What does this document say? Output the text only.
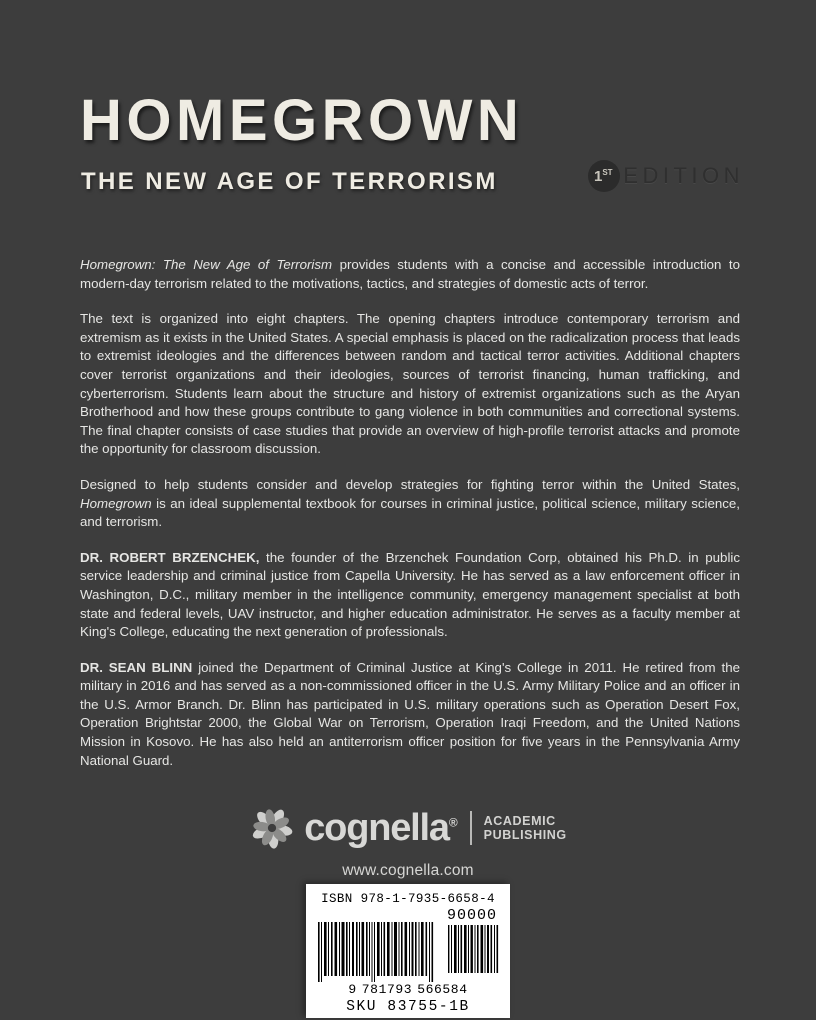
HOMEGROWN
THE NEW AGE OF TERRORISM	1ST EDITION

Homegrown: The New Age of Terrorism provides students with a concise and accessible introduction to modern-day terrorism related to the motivations, tactics, and strategies of domestic acts of terror.

The text is organized into eight chapters. The opening chapters introduce contemporary terrorism and extremism as it exists in the United States. A special emphasis is placed on the radicalization process that leads to extremist ideologies and the differences between random and tactical terror activities. Additional chapters cover terrorist organizations and their ideologies, sources of terrorist financing, human trafficking, and cyberterrorism. Students learn about the structure and history of extremist organizations such as the Aryan Brotherhood and how these groups contribute to gang violence in both communities and correctional systems. The final chapter consists of case studies that provide an overview of high-profile terrorist attacks and promote the opportunity for classroom discussion.

Designed to help students consider and develop strategies for fighting terror within the United States, Homegrown is an ideal supplemental textbook for courses in criminal justice, political science, military science, and terrorism.

DR. ROBERT BRZENCHEK, the founder of the Brzenchek Foundation Corp, obtained his Ph.D. in public service leadership and criminal justice from Capella University. He has served as a law enforcement officer in Washington, D.C., military member in the intelligence community, emergency management specialist at both state and federal levels, UAV instructor, and higher education administrator. He serves as a faculty member at King's College, educating the next generation of professionals.

DR. SEAN BLINN joined the Department of Criminal Justice at King's College in 2011. He retired from the military in 2016 and has served as a non-commissioned officer in the U.S. Army Military Police and an officer in the U.S. Armor Branch. Dr. Blinn has participated in U.S. military operations such as Operation Desert Fox, Operation Brightstar 2000, the Global War on Terrorism, Operation Iraqi Freedom, and the United Nations Mission in Kosovo. He has also held an antiterrorism officer position for five years in the Pennsylvania Army National Guard.

cognella® ACADEMIC
PUBLISHING
www.cognella.com
ISBN 978-1-7935-6658-4
90000
9 781793 566584
SKU 83755-1B
